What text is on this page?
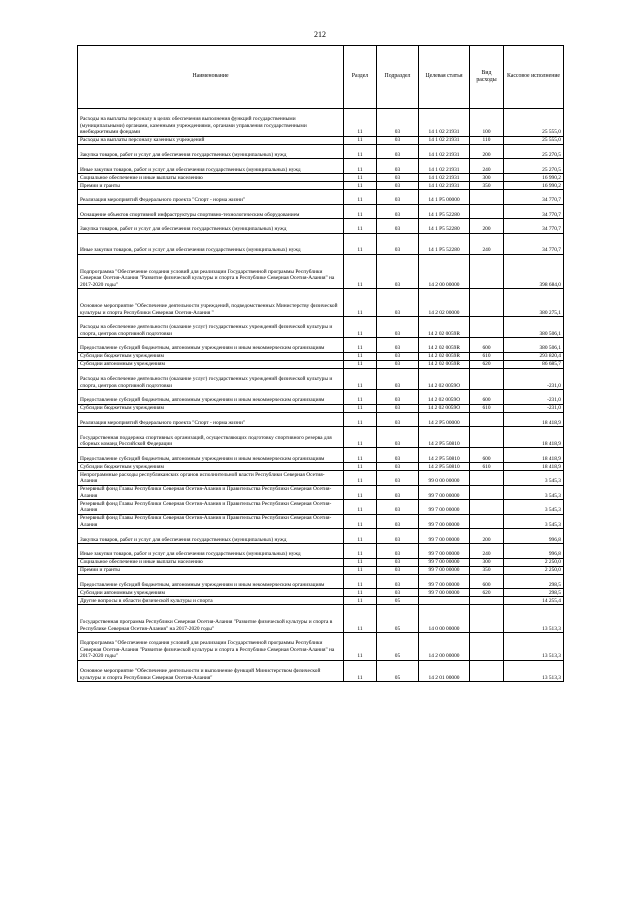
212
Наименование	Раздел	Подраздел	Целевая статья	Вид расходы	Кассовое исполнение
Расходы на выплаты персоналу в целях обеспечения выполнения функций государственными (муниципальными) органами, казенными учреждениями, органами управления государственными внебюджетными фондами	11	03	14 1 02 21931	100	25 555,0
Расходы на выплаты персоналу казенных учреждений	11	03	14 1 02 21931	110	25 555,0
Закупка товаров, работ и услуг для обеспечения государственных (муниципальных) нужд	11	03	14 1 02 21931	200	25 270,5
Иные закупки товаров, работ и услуг для обеспечения государственных (муниципальных) нужд	11	03	14 1 02 21931	240	25 270,5
Социальное обеспечение и иные выплаты населению	11	03	14 1 02 21931	300	16 990,2
Премии и гранты	11	03	14 1 02 21931	350	16 990,2
Реализация мероприятий Федерального проекта "Спорт - норма жизни"	11	03	14 1 P5 00000		34 770,7
Оснащение объектов спортивной инфраструктуры спортивно-технологическим оборудованием	11	03	14 1 P5 52280		34 770,7
Закупка товаров, работ и услуг для обеспечения государственных (муниципальных) нужд	11	03	14 1 P5 52280	200	34 770,7
Иные закупки товаров, работ и услуг для обеспечения государственных (муниципальных) нужд	11	03	14 1 P5 52280	240	34 770,7
Подпрограмма "Обеспечение создания условий для реализации Государственной программы Республики Северная Осетия-Алания "Развитие физической культуры и спорта в Республике Северная Осетия-Алания" на 2017-2020 годы"	11	03	14 2 00 00000		398 684,0
Основное мероприятие "Обеспечение деятельности учреждений, подведомственных Министерству физической культуры и спорта Республики Северная Осетия-Алания "	11	03	14 2 02 00000		380 275,1
Расходы на обеспечение деятельности (оказание услуг) государственных учреждений физической культуры и спорта, центров спортивной подготовки	11	03	14 2 02 0059R		380 506,1
Предоставление субсидий бюджетным, автономным учреждениям и иным некоммерческим организациям	11	03	14 2 02 0059R	600	380 506,1
Субсидии бюджетным учреждениям	11	03	14 2 02 0059R	610	293 820,4
Субсидии автономным учреждениям	11	03	14 2 02 0059R	620	86 685,7
Расходы на обеспечение деятельности (оказание услуг) государственных учреждений физической культуры и спорта, центров спортивной подготовки	11	03	14 2 02 0059O		-231,0
Предоставление субсидий бюджетным, автономным учреждениям и иным некоммерческим организациям	11	03	14 2 02 0059O	600	-231,0
Субсидии бюджетным учреждениям	11	03	14 2 02 0059O	610	-231,0
Реализация мероприятий Федерального проекта "Спорт - норма жизни"	11	03	14 2 P5 00000		18 418,9
Государственная поддержка спортивных организаций, осуществляющих подготовку спортивного резерва для сборных команд Российской Федерации	11	03	14 2 P5 50810		18 418,9
Предоставление субсидий бюджетным, автономным учреждениям и иным некоммерческим организациям	11	03	14 2 P5 50810	600	18 418,9
Субсидии бюджетным учреждениям	11	03	14 2 P5 50810	610	18 418,9
Непрограммные расходы республиканских органов исполнительной власти Республики Северная Осетия-Алания	11	03	99 0 00 00000		3 545,3
Резервный фонд Главы Республики Северная Осетия-Алания и Правительства Республики Северная Осетия-Алания	11	03	99 7 00 00000		3 545,3
Резервный фонд Главы Республики Северная Осетия-Алания и Правительства Республики Северная Осетия-Алания	11	03	99 7 00 00000		3 545,3
Резервный фонд Главы Республики Северная Осетия-Алания и Правительства Республики Северная Осетия-Алания	11	03	99 7 00 00000		3 545,3
Закупка товаров, работ и услуг для обеспечения государственных (муниципальных) нужд	11	03	99 7 00 00000	200	996,8
Иные закупки товаров, работ и услуг для обеспечения государственных (муниципальных) нужд	11	03	99 7 00 00000	240	996,8
Социальное обеспечение и иные выплаты населению	11	03	99 7 00 00000	300	2 250,0
Премии и гранты	11	03	99 7 00 00000	350	2 250,0
Предоставление субсидий бюджетным, автономным учреждениям и иным некоммерческим организациям	11	03	99 7 00 00000	600	298,5
Субсидии автономным учреждениям	11	03	99 7 00 00000	620	298,5
Другие вопросы в области физической культуры и спорта	11	05			14 255,4
Государственная программа Республики Северная Осетия-Алания "Развитие физической культуры и спорта в Республике Северная Осетия-Алания" на 2017-2020 годы"	11	05	14 0 00 00000		13 513,3
Подпрограмма "Обеспечение создания условий для реализации Государственной программы Республики Северная Осетия-Алания "Развитие физической культуры и спорта в Республике Северная Осетия-Алания" на 2017-2020 годы"	11	05	14 2 00 00000		13 513,3
Основное мероприятие "Обеспечение деятельности и выполнение функций Министерством физической культуры и спорта Республики Северная Осетия-Алания"	11	05	14 2 01 00000		13 513,3
